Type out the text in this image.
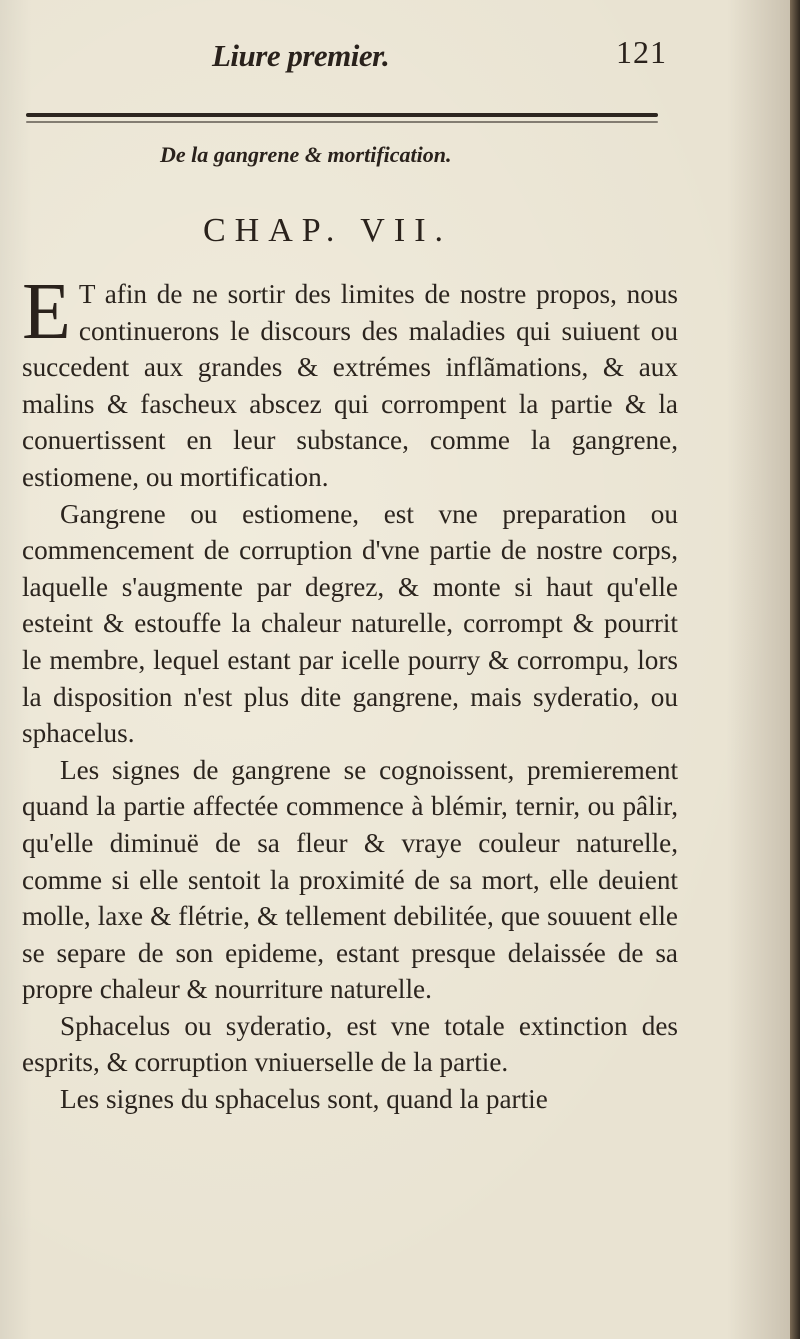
Liure premier.	121
De la gangrene & mortification.
CHAP. VII.

E T afin de ne sortir des limites de nostre propos, nous continuerons le discours des maladies qui suiuent ou succedent aux grandes & extrémes inflãmations, & aux malins & fascheux abscez qui corrompent la partie & la conuertissent en leur substance, comme la gangrene, estiomene, ou mortification.

Gangrene ou estiomene, est vne preparation ou commencement de corruption d'vne partie de nostre corps, laquelle s'augmente par degrez, & monte si haut qu'elle esteint & estouffe la chaleur naturelle, corrompt & pourrit le membre, lequel estant par icelle pourry & corrompu, lors la disposition n'est plus dite gangrene, mais syderatio, ou sphacelus.

Les signes de gangrene se cognoissent, premierement quand la partie affectée commence à blémir, ternir, ou pâlir, qu'elle diminuë de sa fleur & vraye couleur naturelle, comme si elle sentoit la proximité de sa mort, elle deuient molle, laxe & flétrie, & tellement debilitée, que souuent elle se separe de son epideme, estant presque delaissée de sa propre chaleur & nourriture naturelle.

Sphacelus ou syderatio, est vne totale extinction des esprits, & corruption vniuerselle de la partie.

Les signes du sphacelus sont, quand la partie
